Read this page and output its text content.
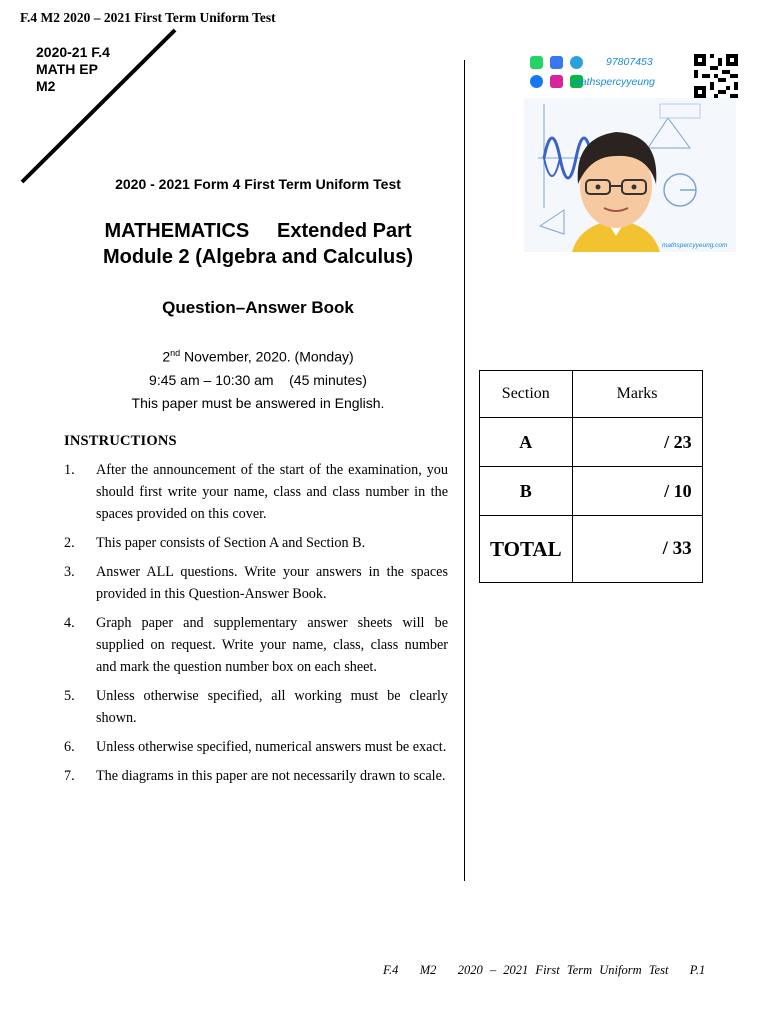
F.4 M2 2020 – 2021 First Term Uniform Test
2020-21 F.4
MATH EP
M2
2020 - 2021 Form 4 First Term Uniform Test
MATHEMATICS     Extended Part
Module 2 (Algebra and Calculus)
Question–Answer Book
2nd November, 2020. (Monday)
9:45 am – 10:30 am    (45 minutes)
This paper must be answered in English.
INSTRUCTIONS
1. After the announcement of the start of the examination, you should first write your name, class and class number in the spaces provided on this cover.
2. This paper consists of Section A and Section B.
3. Answer ALL questions. Write your answers in the spaces provided in this Question-Answer Book.
4. Graph paper and supplementary answer sheets will be supplied on request. Write your name, class, class number and mark the question number box on each sheet.
5. Unless otherwise specified, all working must be clearly shown.
6. Unless otherwise specified, numerical answers must be exact.
7. The diagrams in this paper are not necessarily drawn to scale.
97807453
mathspercyyeung
mathspercyyeung.com
Section	Marks
A	/ 23
B	/ 10
TOTAL	/ 33
F.4   M2   2020 – 2021 First Term Uniform Test   P.1
